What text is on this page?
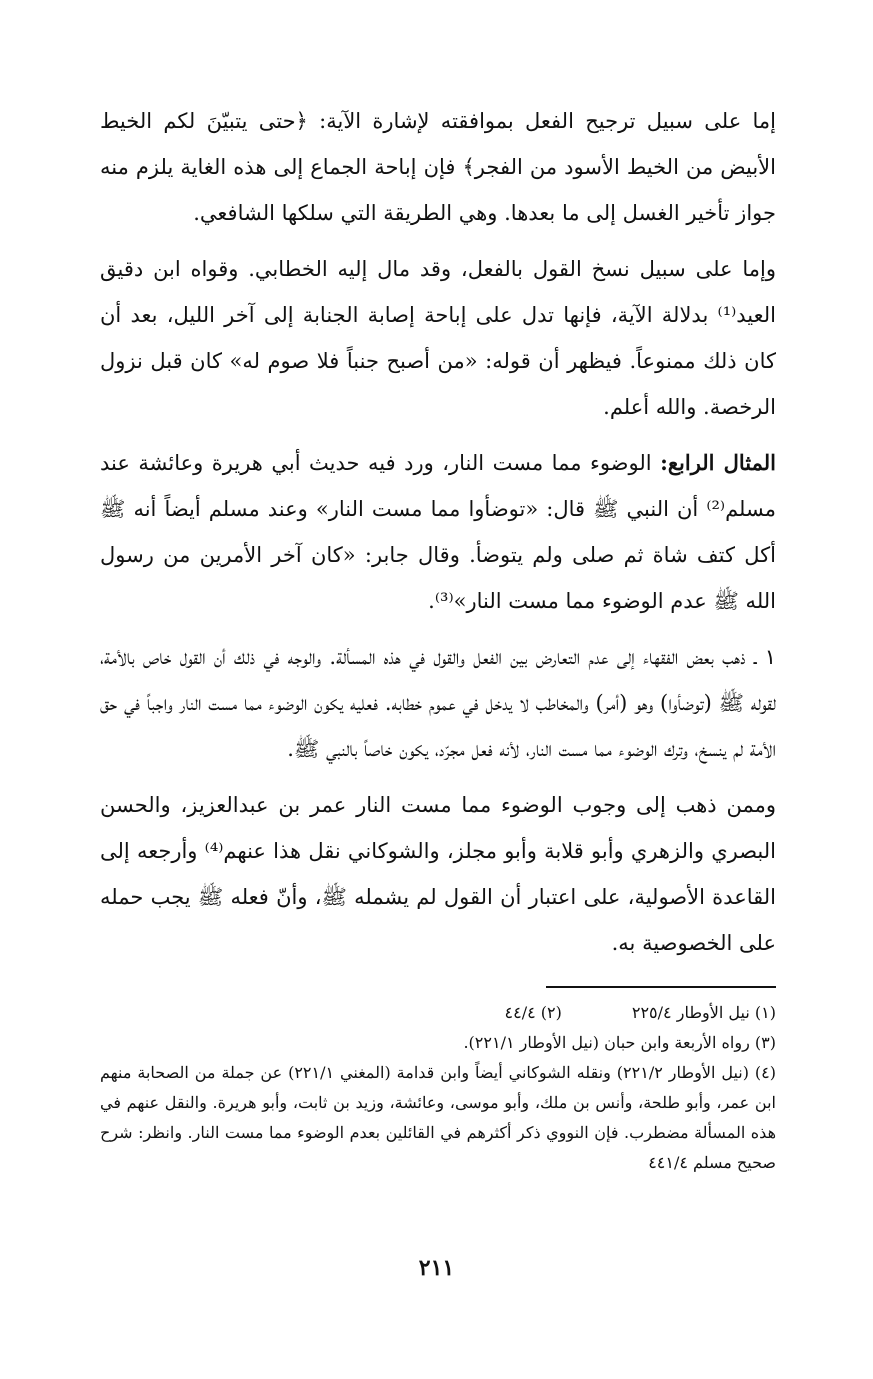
إما على سبيل ترجيح الفعل بموافقته لإشارة الآية: ﴿حتى يتبيّنَ لكم الخيط الأبيض من الخيط الأسود من الفجر﴾ فإن إباحة الجماع إلى هذه الغاية يلزم منه جواز تأخير الغسل إلى ما بعدها. وهي الطريقة التي سلكها الشافعي.

وإما على سبيل نسخ القول بالفعل، وقد مال إليه الخطابي. وقواه ابن دقيق العيد⁽¹⁾ بدلالة الآية، فإنها تدل على إباحة إصابة الجنابة إلى آخر الليل، بعد أن كان ذلك ممنوعاً. فيظهر أن قوله: «من أصبح جنباً فلا صوم له» كان قبل نزول الرخصة. والله أعلم.

المثال الرابع: الوضوء مما مست النار، ورد فيه حديث أبي هريرة وعائشة عند مسلم⁽²⁾ أن النبي ﷺ قال: «توضأوا مما مست النار» وعند مسلم أيضاً أنه ﷺ أكل كتف شاة ثم صلى ولم يتوضأ. وقال جابر: «كان آخر الأمرين من رسول الله ﷺ عدم الوضوء مما مست النار»⁽³⁾.

١ ـ ذهب بعض الفقهاء إلى عدم التعارض بين الفعل والقول في هذه المسألة. والوجه في ذلك أن القول خاص بالأمة، لقوله ﷺ (توضأوا) وهو (أمر) والمخاطب لا يدخل في عموم خطابه. فعليه يكون الوضوء مما مست النار واجباً في حق الأمة لم ينسخ، وترك الوضوء مما مست النار، لأنه فعل مجرّد، يكون خاصاً بالنبي ﷺ.

وممن ذهب إلى وجوب الوضوء مما مست النار عمر بن عبدالعزيز، والحسن البصري والزهري وأبو قلابة وأبو مجلز، والشوكاني نقل هذا عنهم⁽⁴⁾ وأرجعه إلى القاعدة الأصولية، على اعتبار أن القول لم يشمله ﷺ، وأنّ فعله ﷺ يجب حمله على الخصوصية به.

(١) نيل الأوطار ٢٢٥/٤
(٢) ٤٤/٤

(٣) رواه الأربعة وابن حبان (نيل الأوطار ٢٢١/١).

(٤) (نيل الأوطار ٢٢١/٢) ونقله الشوكاني أيضاً وابن قدامة (المغني ٢٢١/١) عن جملة من الصحابة منهم ابن عمر، وأبو طلحة، وأنس بن ملك، وأبو موسى، وعائشة، وزيد بن ثابت، وأبو هريرة. والنقل عنهم في هذه المسألة مضطرب. فإن النووي ذكر أكثرهم في القائلين بعدم الوضوء مما مست النار. وانظر: شرح صحيح مسلم ٤٤١/٤

٢١١
